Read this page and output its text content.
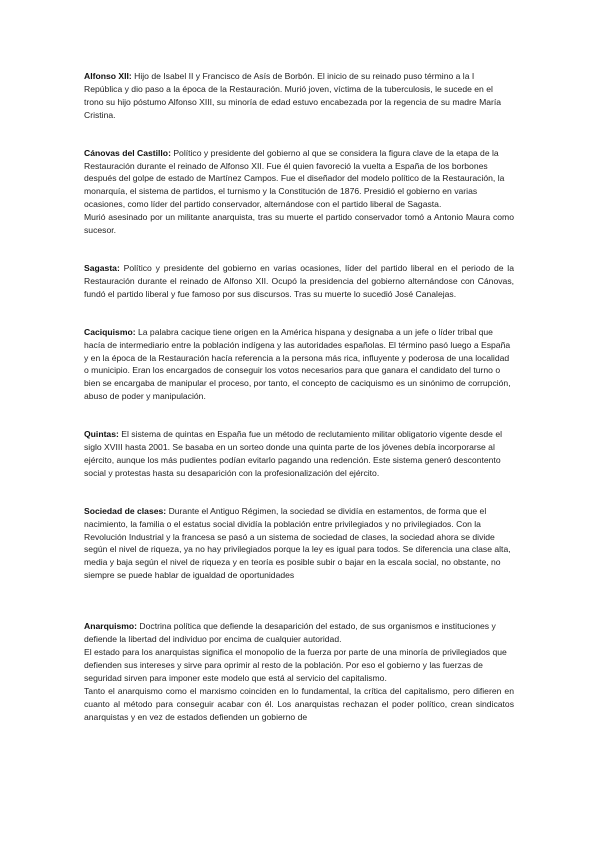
Alfonso XII: Hijo de Isabel II y Francisco de Asís de Borbón. El inicio de su reinado puso término a la I República y dio paso a la época de la Restauración. Murió joven, víctima de la tuberculosis, le sucede en el trono su hijo póstumo Alfonso XIII, su minoría de edad estuvo encabezada por la regencia de su madre María Cristina.

Cánovas del Castillo: Político y presidente del gobierno al que se considera la figura clave de la etapa de la Restauración durante el reinado de Alfonso XII. Fue él quien favoreció la vuelta a España de los borbones después del golpe de estado de Martínez Campos. Fue el diseñador del modelo político de la Restauración, la monarquía, el sistema de partidos, el turnismo y la Constitución de 1876. Presidió el gobierno en varias ocasiones, como líder del partido conservador, alternándose con el partido liberal de Sagasta.

Murió asesinado por un militante anarquista, tras su muerte el partido conservador tomó a Antonio Maura como sucesor.

Sagasta: Político y presidente del gobierno en varias ocasiones, líder del partido liberal en el periodo de la Restauración durante el reinado de Alfonso XII. Ocupó la presidencia del gobierno alternándose con Cánovas, fundó el partido liberal y fue famoso por sus discursos. Tras su muerte lo sucedió José Canalejas.

Caciquismo: La palabra cacique tiene origen en la América hispana y designaba a un jefe o líder tribal que hacía de intermediario entre la población indígena y las autoridades españolas. El término pasó luego a España y en la época de la Restauración hacía referencia a la persona más rica, influyente y poderosa de una localidad o municipio. Eran los encargados de conseguir los votos necesarios para que ganara el candidato del turno o bien se encargaba de manipular el proceso, por tanto, el concepto de caciquismo es un sinónimo de corrupción, abuso de poder y manipulación.

Quintas: El sistema de quintas en España fue un método de reclutamiento militar obligatorio vigente desde el siglo XVIII hasta 2001. Se basaba en un sorteo donde una quinta parte de los jóvenes debía incorporarse al ejército, aunque los más pudientes podían evitarlo pagando una redención. Este sistema generó descontento social y protestas hasta su desaparición con la profesionalización del ejército.

Sociedad de clases: Durante el Antiguo Régimen, la sociedad se dividía en estamentos, de forma que el nacimiento, la familia o el estatus social dividía la población entre privilegiados y no privilegiados. Con la Revolución Industrial y la francesa se pasó a un sistema de sociedad de clases, la sociedad ahora se divide según el nivel de riqueza, ya no hay privilegiados porque la ley es igual para todos. Se diferencia una clase alta, media y baja según el nivel de riqueza y en teoría es posible subir o bajar en la escala social, no obstante, no siempre se puede hablar de igualdad de oportunidades

Anarquismo: Doctrina política que defiende la desaparición del estado, de sus organismos e instituciones y defiende la libertad del individuo por encima de cualquier autoridad.

El estado para los anarquistas significa el monopolio de la fuerza por parte de una minoría de privilegiados que defienden sus intereses y sirve para oprimir al resto de la población. Por eso el gobierno y las fuerzas de seguridad sirven para imponer este modelo que está al servicio del capitalismo.

Tanto el anarquismo como el marxismo coinciden en lo fundamental, la crítica del capitalismo, pero difieren en cuanto al método para conseguir acabar con él. Los anarquistas rechazan el poder político, crean sindicatos anarquistas y en vez de estados defienden un gobierno de
